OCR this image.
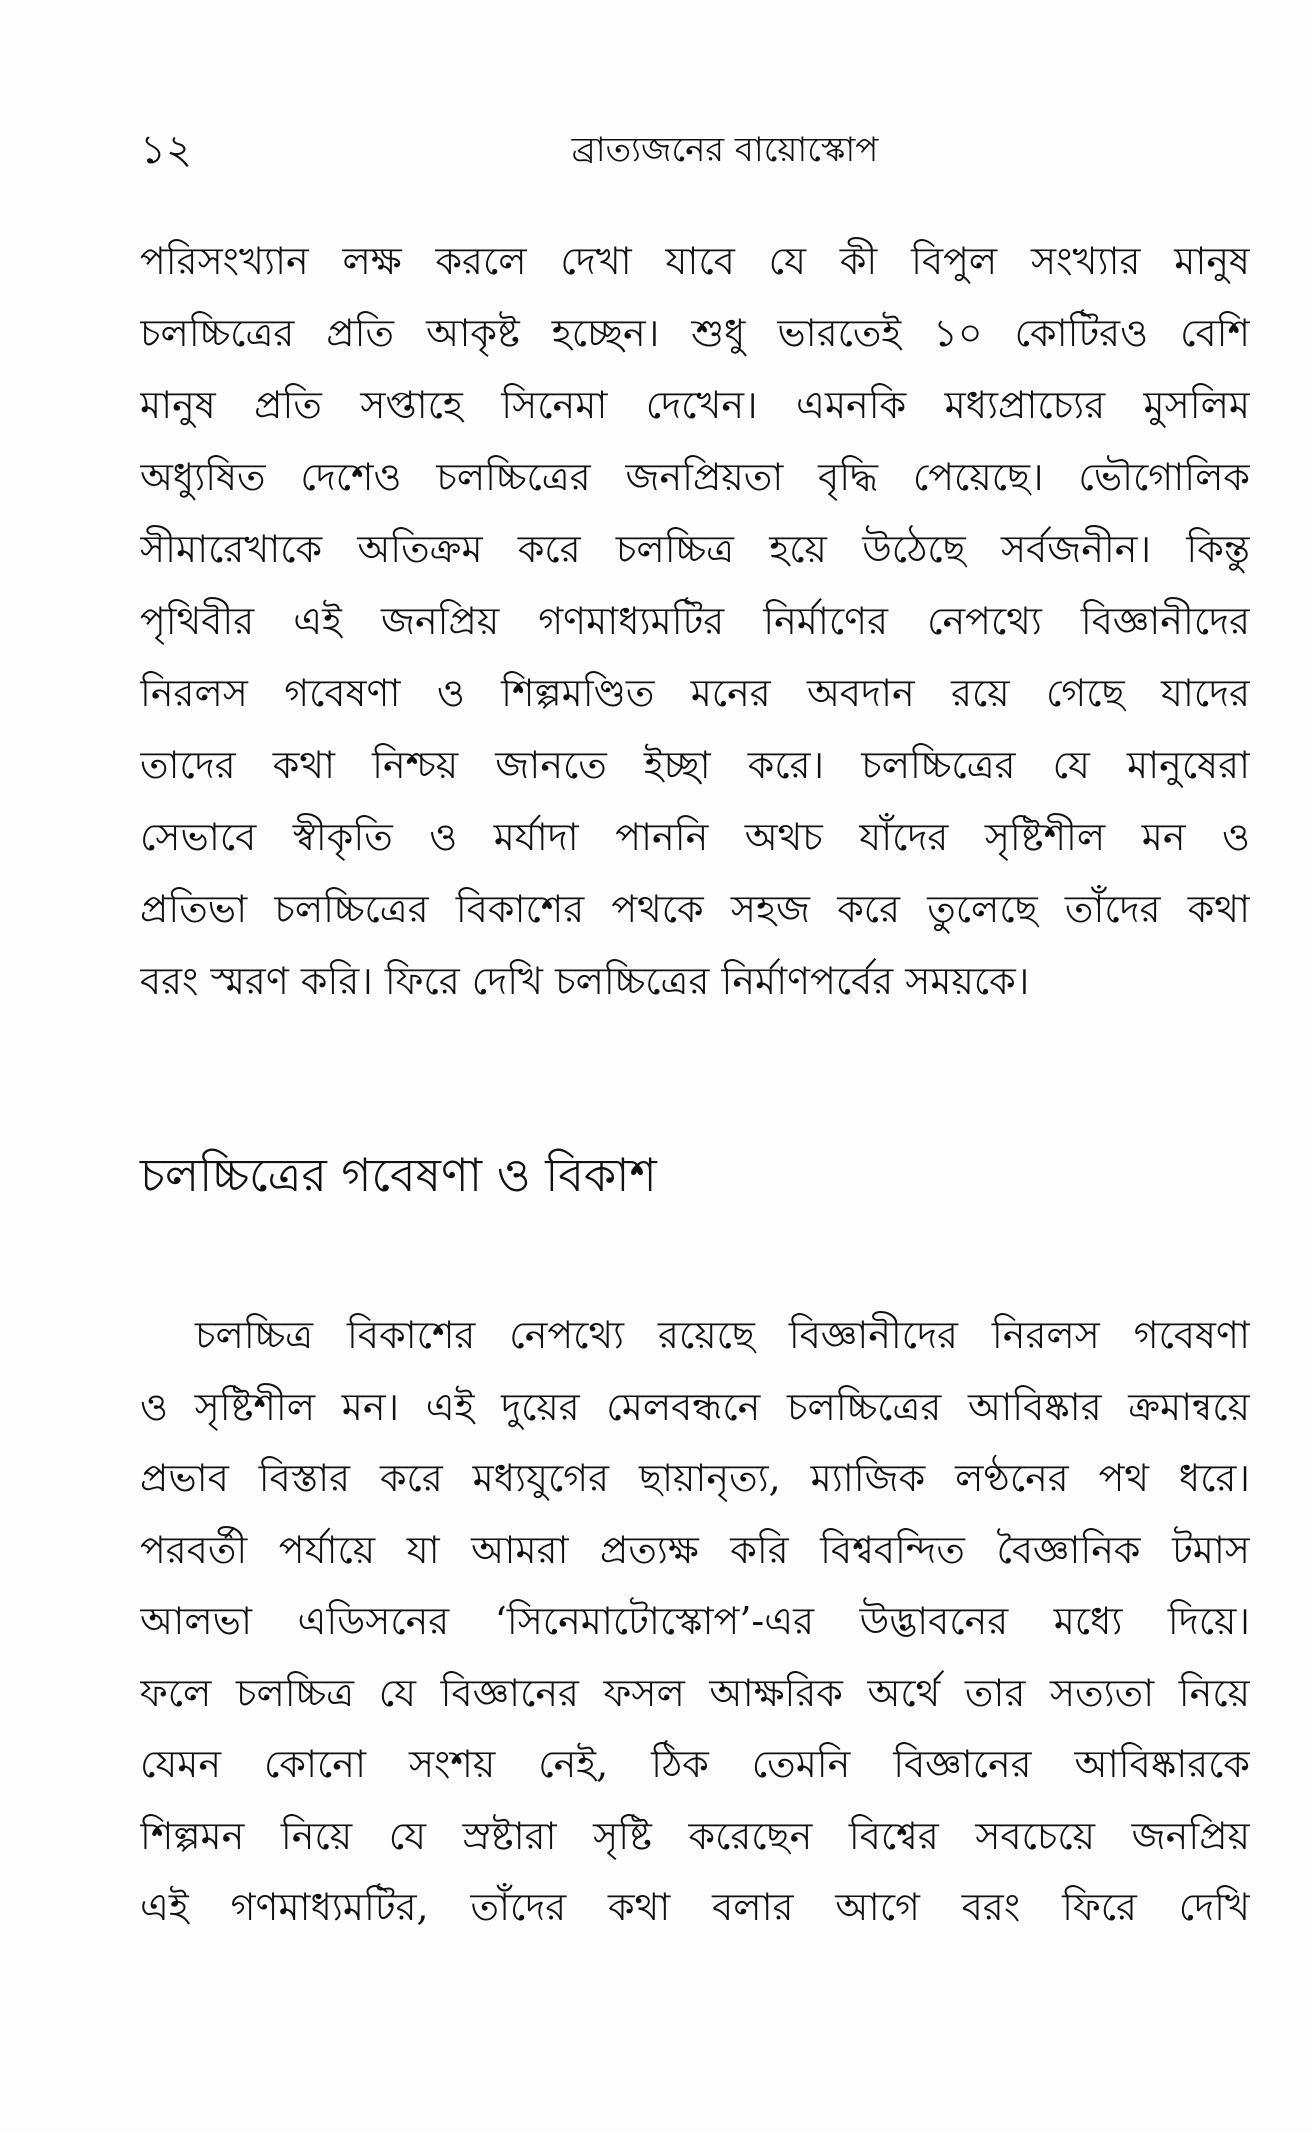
১২	ব্রাত্যজনের বায়োস্কোপ
পরিসংখ্যান লক্ষ করলে দেখা যাবে যে কী বিপুল সংখ্যার মানুষ
চলচ্চিত্রের প্রতি আকৃষ্ট হচ্ছেন। শুধু ভারতেই ১০ কোটিরও বেশি
মানুষ প্রতি সপ্তাহে সিনেমা দেখেন। এমনকি মধ্যপ্রাচ্যের মুসলিম
অধ্যুষিত দেশেও চলচ্চিত্রের জনপ্রিয়তা বৃদ্ধি পেয়েছে। ভৌগোলিক
সীমারেখাকে অতিক্রম করে চলচ্চিত্র হয়ে উঠেছে সর্বজনীন। কিন্তু
পৃথিবীর এই জনপ্রিয় গণমাধ্যমটির নির্মাণের নেপথ্যে বিজ্ঞানীদের
নিরলস গবেষণা ও শিল্পমণ্ডিত মনের অবদান রয়ে গেছে যাদের
তাদের কথা নিশ্চয় জানতে ইচ্ছা করে। চলচ্চিত্রের যে মানুষেরা
সেভাবে স্বীকৃতি ও মর্যাদা পাননি অথচ যাঁদের সৃষ্টিশীল মন ও
প্রতিভা চলচ্চিত্রের বিকাশের পথকে সহজ করে তুলেছে তাঁদের কথা
বরং স্মরণ করি। ফিরে দেখি চলচ্চিত্রের নির্মাণপর্বের সময়কে।
চলচ্চিত্রের গবেষণা ও বিকাশ
চলচ্চিত্র বিকাশের নেপথ্যে রয়েছে বিজ্ঞানীদের নিরলস গবেষণা
ও সৃষ্টিশীল মন। এই দুয়ের মেলবন্ধনে চলচ্চিত্রের আবিষ্কার ক্রমান্বয়ে
প্রভাব বিস্তার করে মধ্যযুগের ছায়ানৃত্য, ম্যাজিক লণ্ঠনের পথ ধরে।
পরবর্তী পর্যায়ে যা আমরা প্রত্যক্ষ করি বিশ্ববন্দিত বৈজ্ঞানিক টমাস
আলভা এডিসনের ‘সিনেমাটোস্কোপ’-এর উদ্ভাবনের মধ্যে দিয়ে।
ফলে চলচ্চিত্র যে বিজ্ঞানের ফসল আক্ষরিক অর্থে তার সত্যতা নিয়ে
যেমন কোনো সংশয় নেই, ঠিক তেমনি বিজ্ঞানের আবিষ্কারকে
শিল্পমন নিয়ে যে স্রষ্টারা সৃষ্টি করেছেন বিশ্বের সবচেয়ে জনপ্রিয়
এই গণমাধ্যমটির, তাঁদের কথা বলার আগে বরং ফিরে দেখি
